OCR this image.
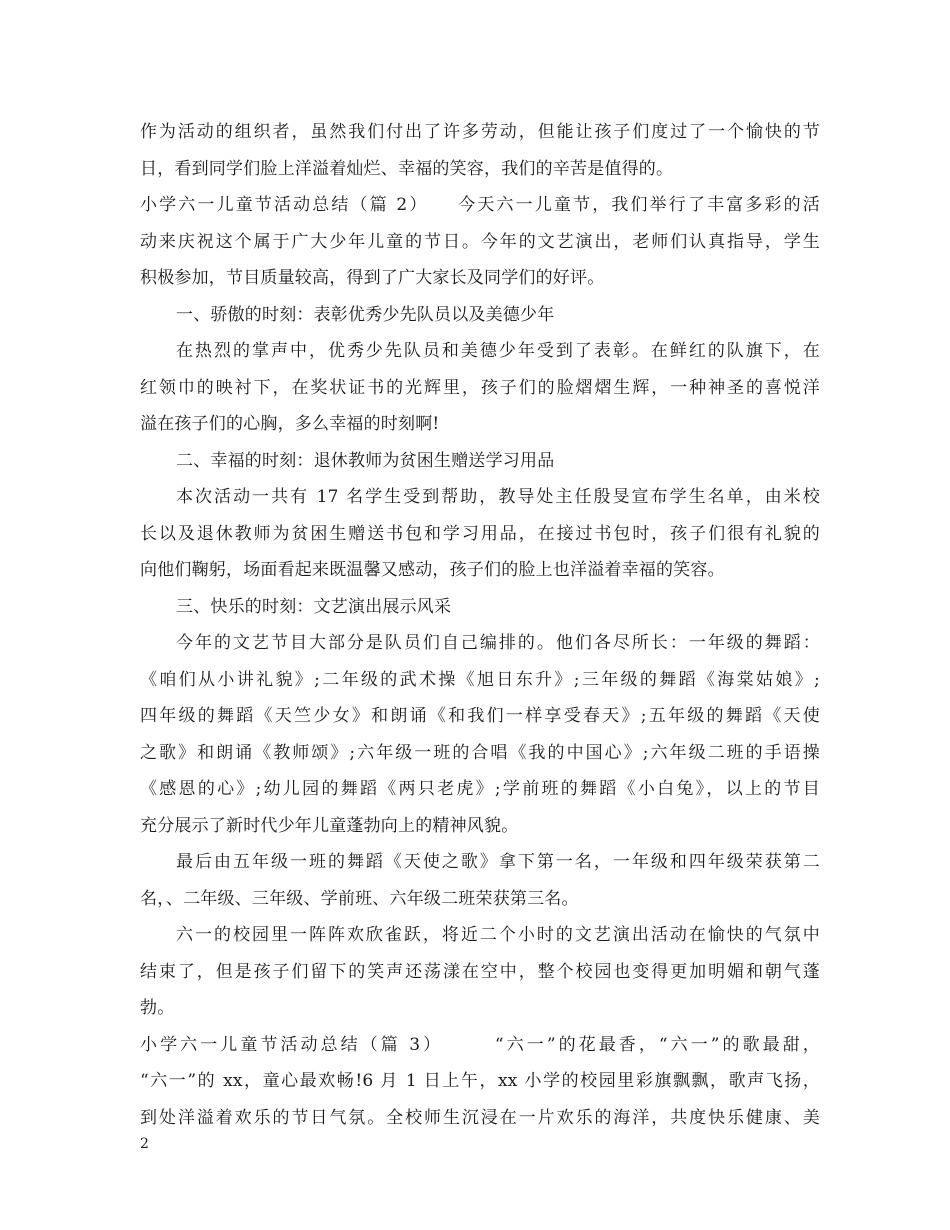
作为活动的组织者，虽然我们付出了许多劳动，但能让孩子们度过了一个愉快的节
日，看到同学们脸上洋溢着灿烂、幸福的笑容，我们的辛苦是值得的。
小学六一儿童节活动总结（篇 2）　　今天六一儿童节，我们举行了丰富多彩的活
动来庆祝这个属于广大少年儿童的节日。今年的文艺演出，老师们认真指导，学生
积极参加，节目质量较高，得到了广大家长及同学们的好评。
一、骄傲的时刻：表彰优秀少先队员以及美德少年
在热烈的掌声中，优秀少先队员和美德少年受到了表彰。在鲜红的队旗下，在
红领巾的映衬下，在奖状证书的光辉里，孩子们的脸熠熠生辉，一种神圣的喜悦洋
溢在孩子们的心胸，多么幸福的时刻啊!
二、幸福的时刻：退休教师为贫困生赠送学习用品
本次活动一共有 17 名学生受到帮助，教导处主任殷旻宣布学生名单，由米校
长以及退休教师为贫困生赠送书包和学习用品，在接过书包时，孩子们很有礼貌的
向他们鞠躬，场面看起来既温馨又感动，孩子们的脸上也洋溢着幸福的笑容。
三、快乐的时刻：文艺演出展示风采
今年的文艺节目大部分是队员们自己编排的。他们各尽所长：一年级的舞蹈：
《咱们从小讲礼貌》;二年级的武术操《旭日东升》;三年级的舞蹈《海棠姑娘》;
四年级的舞蹈《天竺少女》和朗诵《和我们一样享受春天》;五年级的舞蹈《天使
之歌》和朗诵《教师颂》;六年级一班的合唱《我的中国心》;六年级二班的手语操
《感恩的心》;幼儿园的舞蹈《两只老虎》;学前班的舞蹈《小白兔》，以上的节目
充分展示了新时代少年儿童蓬勃向上的精神风貌。
最后由五年级一班的舞蹈《天使之歌》拿下第一名，一年级和四年级荣获第二
名，、二年级、三年级、学前班、六年级二班荣获第三名。
六一的校园里一阵阵欢欣雀跃，将近二个小时的文艺演出活动在愉快的气氛中
结束了，但是孩子们留下的笑声还荡漾在空中，整个校园也变得更加明媚和朝气蓬
勃。
小学六一儿童节活动总结（篇 3）　　　“六一”的花最香，“六一”的歌最甜，
“六一”的 xx，童心最欢畅!6 月 1 日上午，xx 小学的校园里彩旗飘飘，歌声飞扬，
到处洋溢着欢乐的节日气氛。全校师生沉浸在一片欢乐的海洋，共度快乐健康、美
2
